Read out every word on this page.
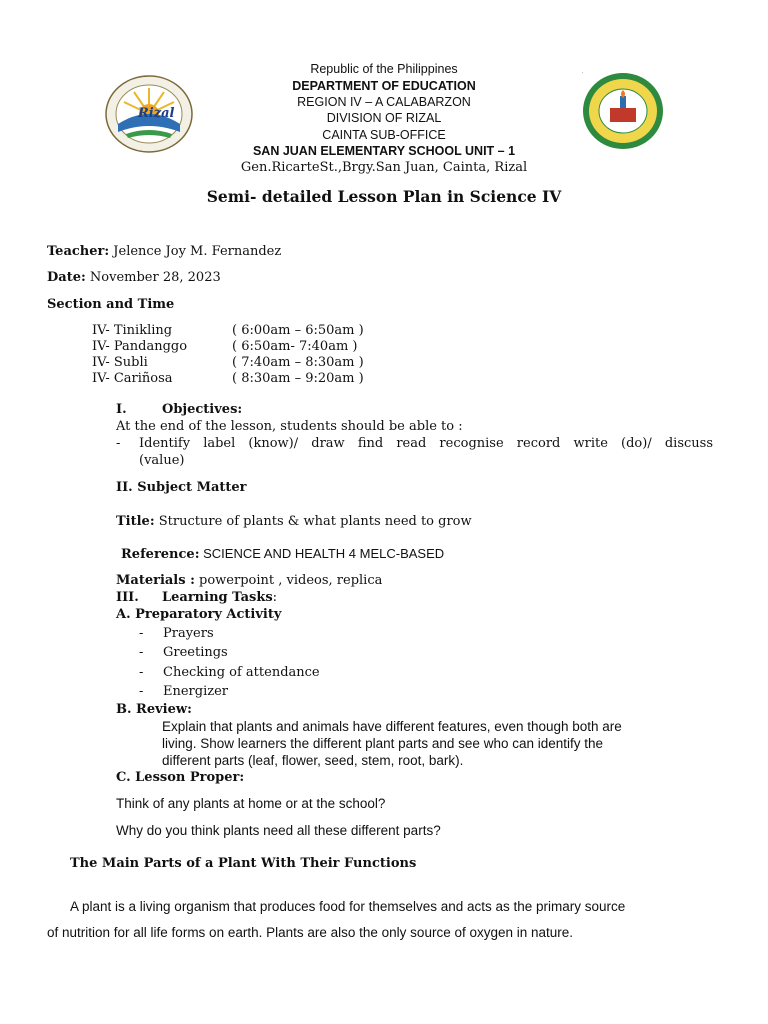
Rizal
Republic of the Philippines
DEPARTMENT OF EDUCATION
REGION IV – A CALABARZON
DIVISION OF RIZAL
CAINTA SUB-OFFICE
SAN JUAN ELEMENTARY SCHOOL UNIT – 1
Gen.RicarteSt.,Brgy.San Juan, Cainta, Rizal
Semi- detailed Lesson Plan in Science IV
Teacher: Jelence Joy M. Fernandez
Date: November 28, 2023
Section and Time
IV- Tinikling	( 6:00am – 6:50am )
IV- Pandanggo	( 6:50am- 7:40am )
IV- Subli	( 7:40am – 8:30am )
IV- Cariñosa	( 8:30am – 9:20am )
I.	Objectives:
At the end of the lesson, students should be able to :
- Identify label (know)/ draw find read recognise record write (do)/ discuss
(value)
II. Subject Matter
Title: Structure of plants & what plants need to grow
Reference: SCIENCE AND HEALTH 4 MELC-BASED
Materials : powerpoint , videos, replica
III. Learning Tasks:
A. Preparatory Activity
- Prayers
- Greetings
- Checking of attendance
- Energizer
B. Review:
Explain that plants and animals have different features, even though both are
living. Show learners the different plant parts and see who can identify the
different parts (leaf, flower, seed, stem, root, bark).
C. Lesson Proper:
Think of any plants at home or at the school?
Why do you think plants need all these different parts?
The Main Parts of a Plant With Their Functions
A plant is a living organism that produces food for themselves and acts as the primary source
of nutrition for all life forms on earth. Plants are also the only source of oxygen in nature.
